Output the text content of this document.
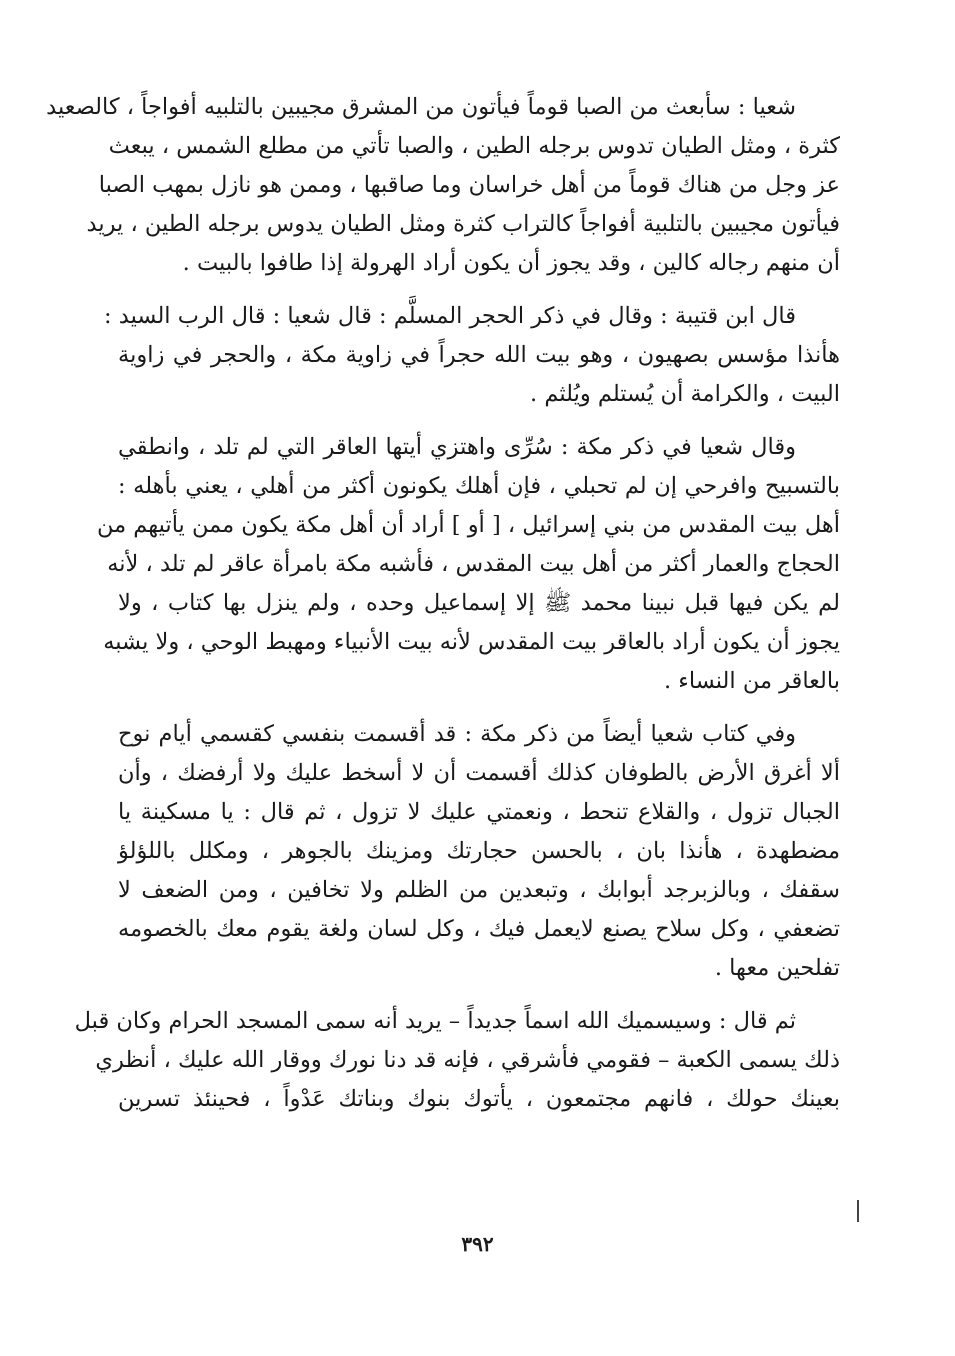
شعيا : سأبعث من الصبا قوماً فيأتون من المشرق مجيبين بالتلبيه أفواجاً ، كالصعيد
كثرة ، ومثل الطيان تدوس برجله الطين ، والصبا تأتي من مطلع الشمس ، يبعث
عز وجل من هناك قوماً من أهل خراسان وما صاقبها ، وممن هو نازل بمهب الصبا
فيأتون مجيبين بالتلبية أفواجاً كالتراب كثرة ومثل الطيان يدوس برجله الطين ، يريد
أن منهم رجاله كالين ، وقد يجوز أن يكون أراد الهرولة إذا طافوا بالبيت .
قال ابن قتيبة : وقال في ذكر الحجر المسلَّم : قال شعيا : قال الرب السيد :
هأنذا مؤسس بصهيون ، وهو بيت الله حجراً في زاوية مكة ، والحجر في زاوية
البيت ، والكرامة أن يُستلم ويُلثم .
وقال شعيا في ذكر مكة : سُرِّى واهتزي أيتها العاقر التي لم تلد ، وانطقي
بالتسبيح وافرحي إن لم تحبلي ، فإن أهلك يكونون أكثر من أهلي ، يعني بأهله :
أهل بيت المقدس من بني إسرائيل ، [ أو ] أراد أن أهل مكة يكون ممن يأتيهم من
الحجاج والعمار أكثر من أهل بيت المقدس ، فأشبه مكة بامرأة عاقر لم تلد ، لأنه
لم يكن فيها قبل نبينا محمد ﷺ إلا إسماعيل وحده ، ولم ينزل بها كتاب ، ولا
يجوز أن يكون أراد بالعاقر بيت المقدس لأنه بيت الأنبياء ومهبط الوحي ، ولا يشبه
بالعاقر من النساء .
وفي كتاب شعيا أيضاً من ذكر مكة : قد أقسمت بنفسي كقسمي أيام نوح
ألا أغرق الأرض بالطوفان كذلك أقسمت أن لا أسخط عليك ولا أرفضك ، وأن
الجبال تزول ، والقلاع تنحط ، ونعمتي عليك لا تزول ، ثم قال : يا مسكينة يا
مضطهدة ، هأنذا بان ، بالحسن حجارتك ومزينك بالجوهر ، ومكلل باللؤلؤ
سقفك ، وبالزبرجد أبوابك ، وتبعدين من الظلم ولا تخافين ، ومن الضعف لا
تضعفي ، وكل سلاح يصنع لايعمل فيك ، وكل لسان ولغة يقوم معك بالخصومه
تفلحين معها .
ثم قال : وسيسميك الله اسماً جديداً – يريد أنه سمى المسجد الحرام وكان قبل
ذلك يسمى الكعبة – فقومي فأشرقي ، فإنه قد دنا نورك ووقار الله عليك ، أنظري
بعينك حولك ، فانهم مجتمعون ، يأتوك بنوك وبناتك عَدْواً ، فحينئذ تسرين
٣٩٢
